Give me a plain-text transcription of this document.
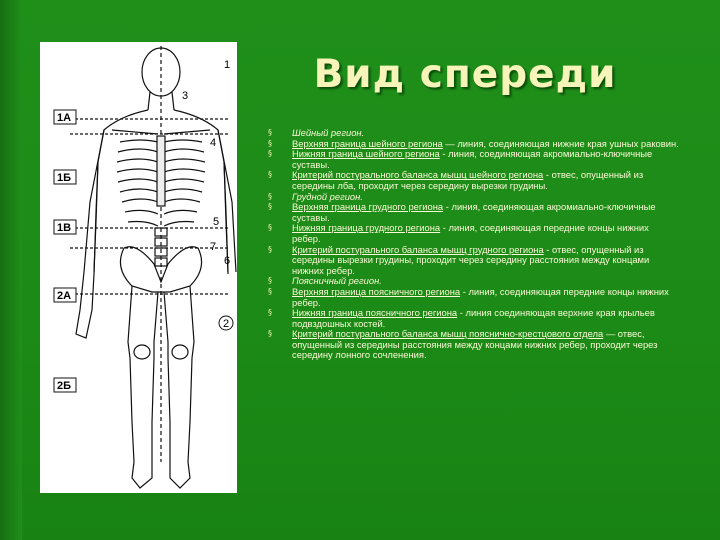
1А
1Б
1В
2А
2Б
1
3
4
5
7
6
2
Вид спереди
§ Шейный регион.
§ Верхняя граница шейного региона — линия, соединяющая нижние края ушных раковин.
§ Нижняя граница шейного региона - линия, соединяющая акромиально-ключичные суставы.
§ Критерий постурального баланса мышц шейного региона - отвес, опущенный из середины лба, проходит через середину вырезки грудины.
§ Грудной регион.
§ Верхняя граница грудного региона - линия, соединяющая акромиально-ключичные суставы.
§ Нижняя граница грудного региона - линия, соединяющая передние концы нижних ребер.
§ Критерий постурального баланса мышц грудного региона - отвес, опущенный из середины вырезки грудины, проходит через середину расстояния между концами нижних ребер.
§ Поясничный регион.
§ Верхняя граница поясничного региона - линия, соединяющая передние концы нижних ребер.
§ Нижняя граница поясничного региона - линия соединяющая верхние края крыльев подвздошных костей.
§ Критерий постурального баланса мышц пояснично-крестцового отдела — отвес, опущенный из середины расстояния между концами нижних ребер, проходит через середину лонного сочленения.
